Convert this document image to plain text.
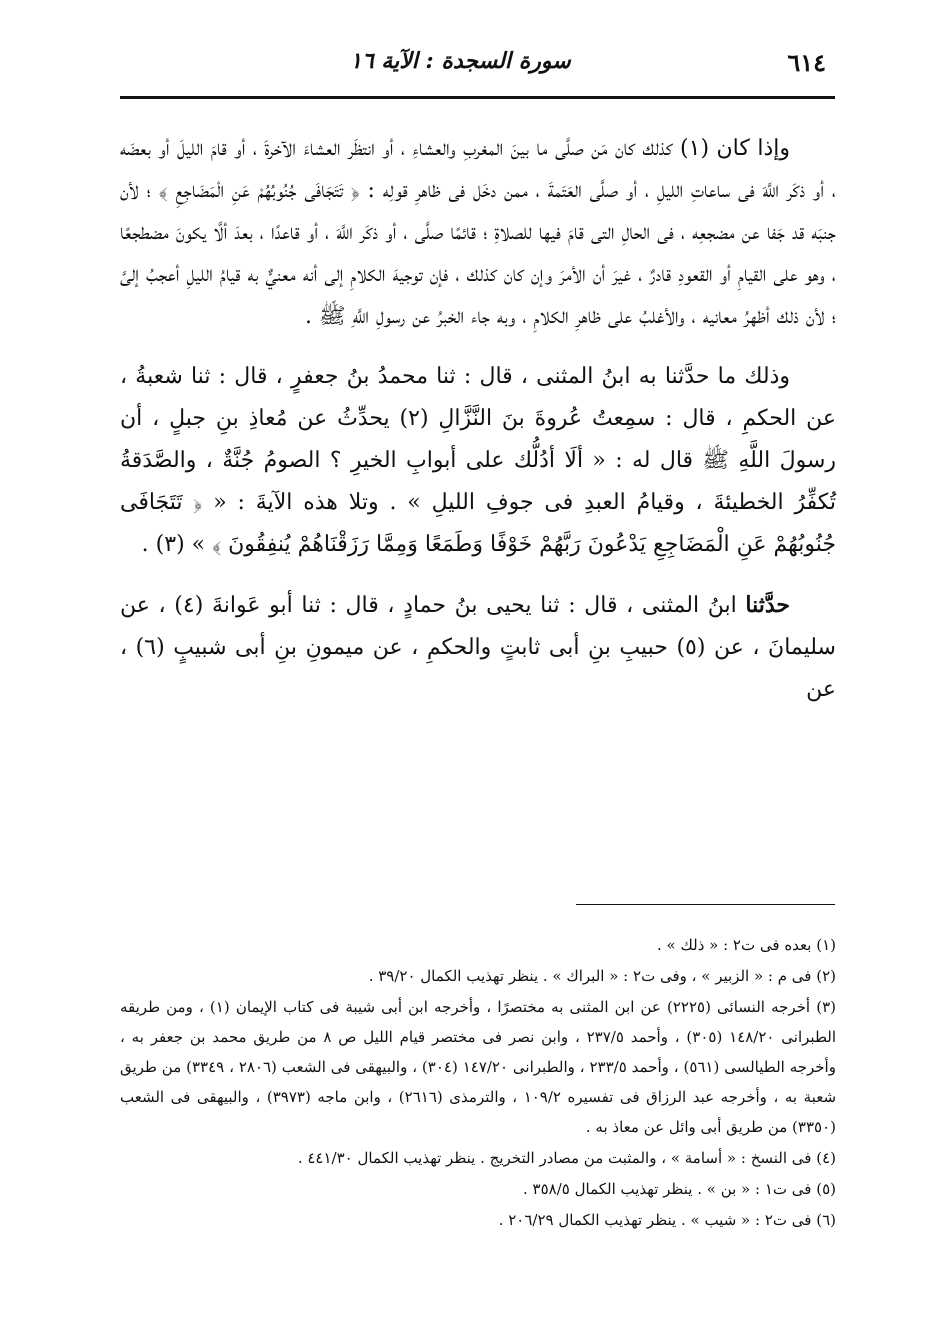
٦١٤
سورة السجدة : الآية ١٦

وإذا كان (١) كذلك كان مَن صلَّى ما بينَ المغربِ والعشاءِ ، أو انتظَر العشاءَ الآخرةَ ، أو قامَ الليلَ أو بعضَه ، أو ذكَر اللَّهَ فى ساعاتِ الليلِ ، أو صلَّى العَتَمةَ ، ممن دخَل فى ظاهرِ قولِه : ﴿ تَتَجَافَى جُنُوبُهُمْ عَنِ الْمَضَاجِعِ ﴾ ؛ لأن جنبَه قد جَفا عن مضجعِه ، فى الحالِ التى قامَ فيها للصلاةِ ؛ قائمًا صلَّى ، أو ذكَر اللَّهَ ، أو قاعدًا ، بعدَ ألَّا يكونَ مضطجعًا ، وهو على القيامِ أو القعودِ قادرٌ ، غيرَ أن الأمرَ وإن كان كذلك ، فإن توجيهَ الكلامِ إلى أنه معنيٌّ به قيامُ الليلِ أعجبُ إلىَّ ؛ لأن ذلك أظهرُ معانيه ، والأغلبُ على ظاهرِ الكلامِ ، وبه جاء الخبرُ عن رسولِ اللَّهِ ﷺ .

وذلك ما حدَّثنا به ابنُ المثنى ، قال : ثنا محمدُ بنُ جعفرٍ ، قال : ثنا شعبةُ ، عن الحكمِ ، قال : سمِعتُ عُروةَ بنَ النَّزَّالِ (٢) يحدِّثُ عن مُعاذِ بنِ جبلٍ ، أن رسولَ اللَّهِ ﷺ قال له : « ألَا أدُلُّك على أبوابِ الخيرِ ؟ الصومُ جُنَّةٌ ، والصَّدَقةُ تُكفِّرُ الخطيئةَ ، وقيامُ العبدِ فى جوفِ الليلِ » . وتلا هذه الآيةَ : « ﴿ تَتَجَافَى جُنُوبُهُمْ عَنِ الْمَضَاجِعِ يَدْعُونَ رَبَّهُمْ خَوْفًا وَطَمَعًا وَمِمَّا رَزَقْنَاهُمْ يُنفِقُونَ ﴾ » (٣) .

حدَّثنا ابنُ المثنى ، قال : ثنا يحيى بنُ حمادٍ ، قال : ثنا أبو عَوانةَ (٤) ، عن سليمانَ ، عن (٥) حبيبِ بنِ أبى ثابتٍ والحكمِ ، عن ميمونِ بنِ أبى شبيبٍ (٦) ، عن

(١) بعده فى ت٢ : « ذلك » .

(٢) فى م : « الزبير » ، وفى ت٢ : « البراك » . ينظر تهذيب الكمال ٣٩/٢٠ .

(٣) أخرجه النسائى (٢٢٢٥) عن ابن المثنى به مختصرًا ، وأخرجه ابن أبى شيبة فى كتاب الإيمان (١) ، ومن طريقه الطبرانى ١٤٨/٢٠ (٣٠٥) ، وأحمد ٢٣٧/٥ ، وابن نصر فى مختصر قيام الليل ص ٨ من طريق محمد بن جعفر به ، وأخرجه الطيالسى (٥٦١) ، وأحمد ٢٣٣/٥ ، والطبرانى ١٤٧/٢٠ (٣٠٤) ، والبيهقى فى الشعب (٢٨٠٦ ، ٣٣٤٩) من طريق شعبة به ، وأخرجه عبد الرزاق فى تفسيره ١٠٩/٢ ، والترمذى (٢٦١٦) ، وابن ماجه (٣٩٧٣) ، والبيهقى فى الشعب (٣٣٥٠) من طريق أبى وائل عن معاذ به .

(٤) فى النسخ : « أسامة » ، والمثبت من مصادر التخريج . ينظر تهذيب الكمال ٤٤١/٣٠ .

(٥) فى ت١ : « بن » . ينظر تهذيب الكمال ٣٥٨/٥ .

(٦) فى ت٢ : « شيب » . ينظر تهذيب الكمال ٢٠٦/٢٩ .
